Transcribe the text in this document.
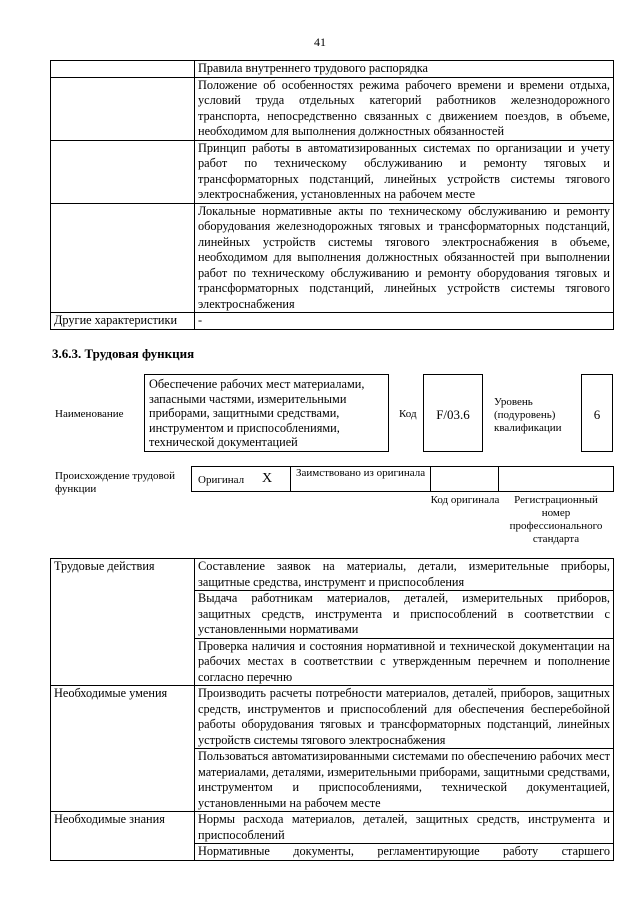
41
	Правила внутреннего трудового распорядка
	Положение об особенностях режима рабочего времени и времени отдыха, условий труда отдельных категорий работников железнодорожного транспорта, непосредственно связанных с движением поездов, в объеме, необходимом для выполнения должностных обязанностей
	Принцип работы в автоматизированных системах по организации и учету работ по техническому обслуживанию и ремонту тяговых и трансформаторных подстанций, линейных устройств системы тягового электроснабжения, установленных на рабочем месте
	Локальные нормативные акты по техническому обслуживанию и ремонту оборудования железнодорожных тяговых и трансформаторных подстанций, линейных устройств системы тягового электроснабжения в объеме, необходимом для выполнения должностных обязанностей при выполнении работ по техническому обслуживанию и ремонту оборудования тяговых и трансформаторных подстанций, линейных устройств системы тягового электроснабжения
Другие характеристики	-
3.6.3. Трудовая функция
Наименование
Обеспечение рабочих мест материалами, запасными частями, измерительными приборами, защитными средствами, инструментом и приспособлениями, технической документацией
Код	F/03.6
Уровень (подуровень) квалификации
6
Происхождение трудовой функции
Оригинал X Заимствовано из оригинала
Код оригинала	Регистрационный номер профессионального стандарта
Трудовые действия	Составление заявок на материалы, детали, измерительные приборы, защитные средства, инструмент и приспособления
	Выдача работникам материалов, деталей, измерительных приборов, защитных средств, инструмента и приспособлений в соответствии с установленными нормативами
	Проверка наличия и состояния нормативной и технической документации на рабочих местах в соответствии с утвержденным перечнем и пополнение согласно перечню
Необходимые умения	Производить расчеты потребности материалов, деталей, приборов, защитных средств, инструментов и приспособлений для обеспечения бесперебойной работы оборудования тяговых и трансформаторных подстанций, линейных устройств системы тягового электроснабжения
	Пользоваться автоматизированными системами по обеспечению рабочих мест материалами, деталями, измерительными приборами, защитными средствами, инструментом и приспособлениями, технической документацией, установленными на рабочем месте
Необходимые знания	Нормы расхода материалов, деталей, защитных средств, инструмента и приспособлений
	Нормативные документы, регламентирующие работу старшего
